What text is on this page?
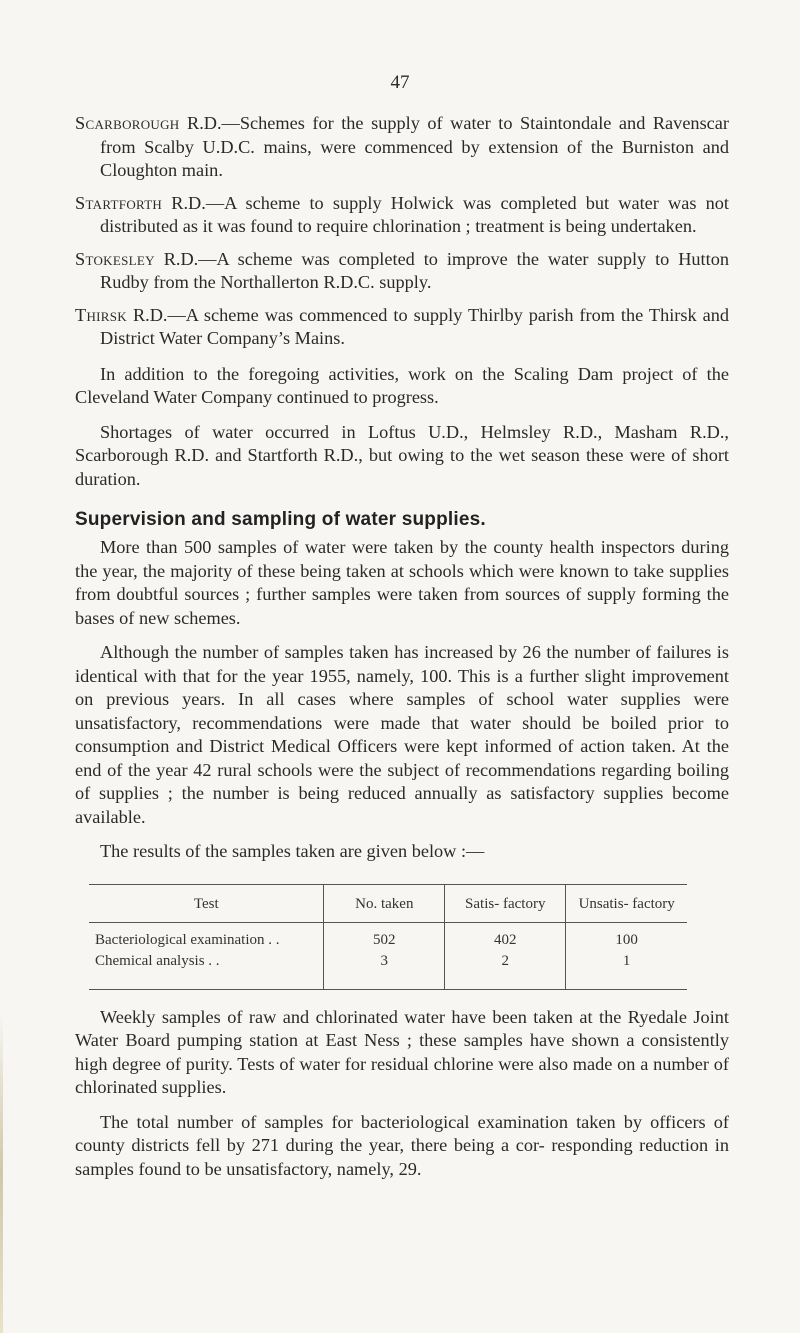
47

Scarborough R.D.—Schemes for the supply of water to Staintondale and Ravenscar from Scalby U.D.C. mains, were commenced by extension of the Burniston and Cloughton main.

Startforth R.D.—A scheme to supply Holwick was completed but water was not distributed as it was found to require chlorination ; treatment is being undertaken.

Stokesley R.D.—A scheme was completed to improve the water supply to Hutton Rudby from the Northallerton R.D.C. supply.

Thirsk R.D.—A scheme was commenced to supply Thirlby parish from the Thirsk and District Water Company’s Mains.

In addition to the foregoing activities, work on the Scaling Dam project of the Cleveland Water Company continued to progress.

Shortages of water occurred in Loftus U.D., Helmsley R.D., Masham R.D., Scarborough R.D. and Startforth R.D., but owing to the wet season these were of short duration.

Supervision and sampling of water supplies.

More than 500 samples of water were taken by the county health inspectors during the year, the majority of these being taken at schools which were known to take supplies from doubtful sources ; further samples were taken from sources of supply forming the bases of new schemes.

Although the number of samples taken has increased by 26 the number of failures is identical with that for the year 1955, namely, 100. This is a further slight improvement on previous years. In all cases where samples of school water supplies were unsatisfactory, recommendations were made that water should be boiled prior to consumption and District Medical Officers were kept informed of action taken. At the end of the year 42 rural schools were the subject of recommendations regarding boiling of supplies ; the number is being reduced annually as satisfactory supplies become available.

The results of the samples taken are given below :—

Test	No. taken	Satis- factory	Unsatis- factory
Bacteriological examination . .	502	402	100
Chemical analysis . .	3	2	1

Weekly samples of raw and chlorinated water have been taken at the Ryedale Joint Water Board pumping station at East Ness ; these samples have shown a consistently high degree of purity. Tests of water for residual chlorine were also made on a number of chlorinated supplies.

The total number of samples for bacteriological examination taken by officers of county districts fell by 271 during the year, there being a cor- responding reduction in samples found to be unsatisfactory, namely, 29.
